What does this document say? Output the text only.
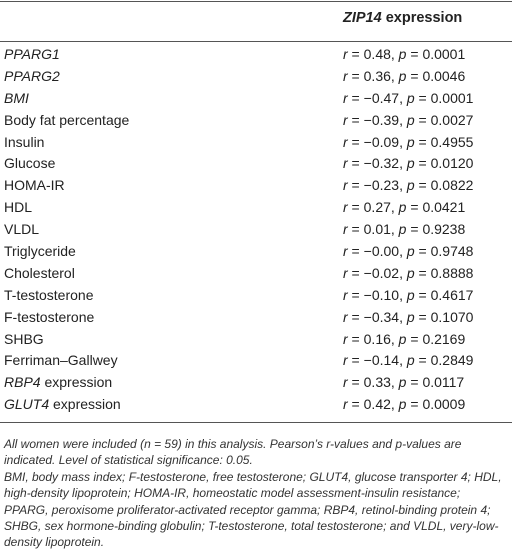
ZIP14 expression
PPARG1	r = 0.48, p = 0.0001
PPARG2	r = 0.36, p = 0.0046
BMI	r = −0.47, p = 0.0001
Body fat percentage	r = −0.39, p = 0.0027
Insulin	r = −0.09, p = 0.4955
Glucose	r = −0.32, p = 0.0120
HOMA-IR	r = −0.23, p = 0.0822
HDL	r = 0.27, p = 0.0421
VLDL	r = 0.01, p = 0.9238
Triglyceride	r = −0.00, p = 0.9748
Cholesterol	r = −0.02, p = 0.8888
T-testosterone	r = −0.10, p = 0.4617
F-testosterone	r = −0.34, p = 0.1070
SHBG	r = 0.16, p = 0.2169
Ferriman–Gallwey	r = −0.14, p = 0.2849
RBP4 expression	r = 0.33, p = 0.0117
GLUT4 expression	r = 0.42, p = 0.0009

All women were included (n = 59) in this analysis. Pearson’s r-values and p-values are indicated. Level of statistical significance: 0.05.

BMI, body mass index; F-testosterone, free testosterone; GLUT4, glucose transporter 4; HDL, high-density lipoprotein; HOMA-IR, homeostatic model assessment-insulin resistance; PPARG, peroxisome proliferator-activated receptor gamma; RBP4, retinol-binding protein 4; SHBG, sex hormone-binding globulin; T-testosterone, total testosterone; and VLDL, very-low-density lipoprotein.
